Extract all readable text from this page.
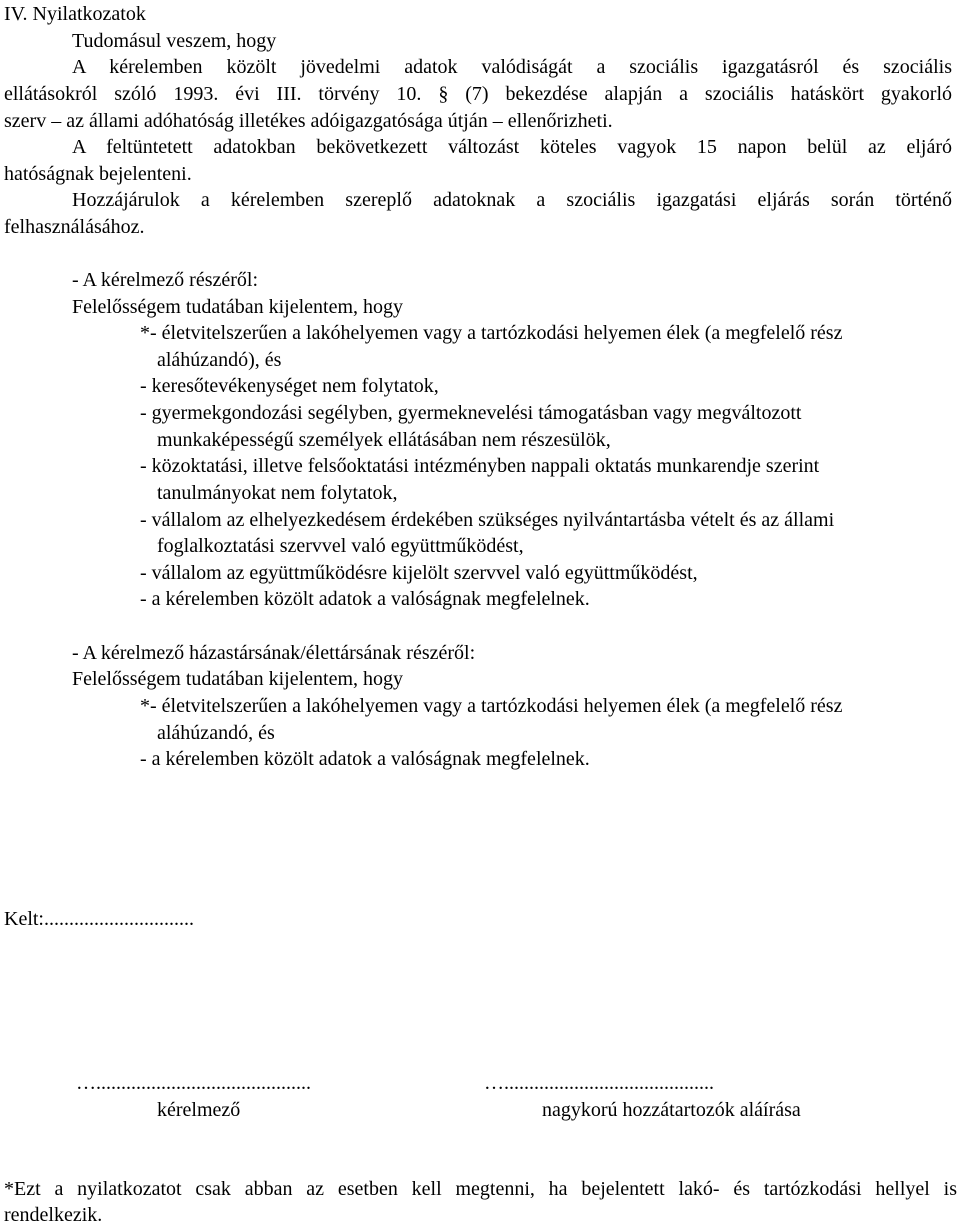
IV. Nyilatkozatok

Tudomásul veszem, hogy

A kérelemben közölt jövedelmi adatok valódiságát a szociális igazgatásról és szociális

ellátásokról szóló 1993. évi III. törvény 10. § (7) bekezdése alapján a szociális hatáskört gyakorló

szerv – az állami adóhatóság illetékes adóigazgatósága útján – ellenőrizheti.

A feltüntetett adatokban bekövetkezett változást köteles vagyok 15 napon belül az eljáró

hatóságnak bejelenteni.

Hozzájárulok a kérelemben szereplő adatoknak a szociális igazgatási eljárás során történő

felhasználásához.

- A kérelmező részéről:

Felelősségem tudatában kijelentem, hogy

*- életvitelszerűen a lakóhelyemen vagy a tartózkodási helyemen élek (a megfelelő rész

aláhúzandó), és

- keresőtevékenységet nem folytatok,

- gyermekgondozási segélyben, gyermeknevelési támogatásban vagy megváltozott

munkaképességű személyek ellátásában nem részesülök,

- közoktatási, illetve felsőoktatási intézményben nappali oktatás munkarendje szerint

tanulmányokat nem folytatok,

- vállalom az elhelyezkedésem érdekében szükséges nyilvántartásba vételt és az állami

foglalkoztatási szervvel való együttműködést,

- vállalom az együttműködésre kijelölt szervvel való együttműködést,

- a kérelemben közölt adatok a valóságnak megfelelnek.

- A kérelmező házastársának/élettársának részéről:

Felelősségem tudatában kijelentem, hogy

*- életvitelszerűen a lakóhelyemen vagy a tartózkodási helyemen élek (a megfelelő rész

aláhúzandó, és

- a kérelemben közölt adatok a valóságnak megfelelnek.

Kelt:..............................

…...........................................	…..........................................

kérelmező	nagykorú hozzátartozók aláírása

*Ezt a nyilatkozatot csak abban az esetben kell megtenni, ha bejelentett lakó- és tartózkodási hellyel is

rendelkezik.
